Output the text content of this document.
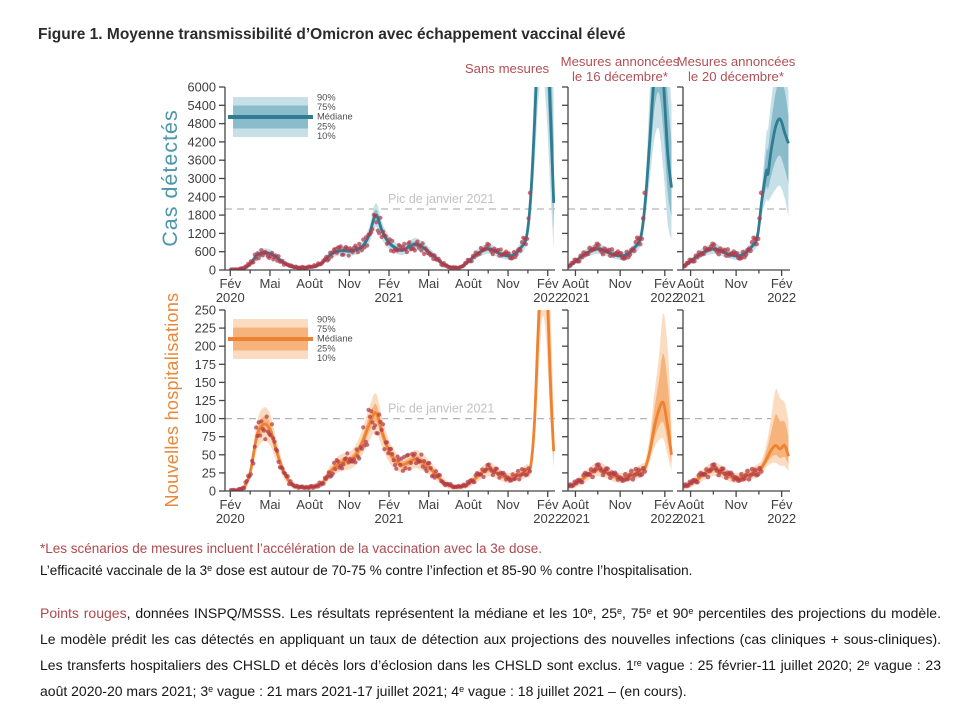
Figure 1. Moyenne transmissibilité d’Omicron avec échappement vaccinal élevé
Sans mesures Mesures annoncées
le 16 décembre*
Mesures annoncées
le 20 décembre*
Cas détectés	Pic de janvier 2021
0
600
1200
1800
2400
3000
3600
4200
4800
5400
6000
Fév
2020
Mai Août Nov Fév
2021
Mai Août Nov Fév
2022
Août
2021
Nov Fév
2022
Août
2021
Nov Fév
2022
90%
75%
Médiane
25%
10%
Nouvelles hospitalisations	Pic de janvier 2021
0
25
50
75
100
125
150
175
200
225
250
Fév
2020
Mai Août Nov Fév
2021
Mai Août Nov Fév
2022
Août
2021
Nov Fév
2022
Août
2021
Nov Fév
2022
90%
75%
Médiane
25%
10%
*Les scénarios de mesures incluent l’accélération de la vaccination avec la 3e dose.
L’efficacité vaccinale de la 3e dose est autour de 70-75 % contre l’infection et 85-90 % contre l’hospitalisation.
Points rouges, données INSPQ/MSSS. Les résultats représentent la médiane et les 10e, 25e, 75e et 90e percentiles des projections du modèle. Le modèle prédit les cas détectés en appliquant un taux de détection aux projections des nouvelles infections (cas cliniques + sous-cliniques). Les transferts hospitaliers des CHSLD et décès lors d’éclosion dans les CHSLD sont exclus. 1re vague : 25 février-11 juillet 2020; 2e vague : 23 août 2020-20 mars 2021; 3e vague : 21 mars 2021-17 juillet 2021; 4e vague : 18 juillet 2021 – (en cours).
